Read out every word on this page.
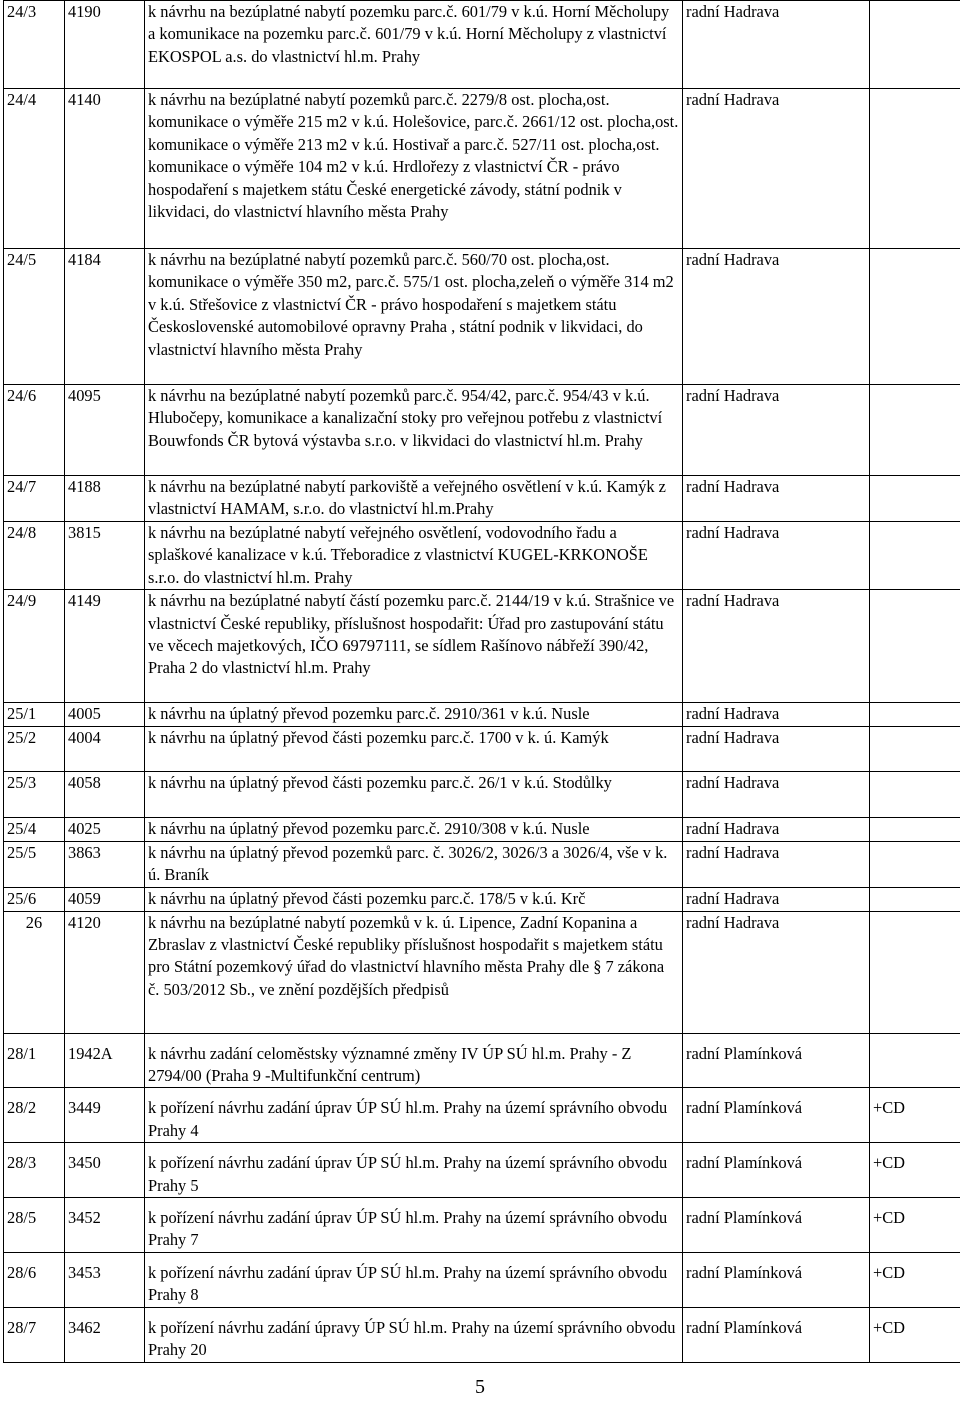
24/3	4190	k návrhu na bezúplatné nabytí pozemku parc.č. 601/79 v k.ú. Horní Měcholupy a komunikace na pozemku parc.č. 601/79 v k.ú. Horní Měcholupy z vlastnictví EKOSPOL a.s. do vlastnictví hl.m. Prahy	radní Hadrava	
24/4	4140	k návrhu na bezúplatné nabytí pozemků parc.č. 2279/8 ost. plocha,ost. komunikace o výměře 215 m2 v k.ú. Holešovice, parc.č. 2661/12 ost. plocha,ost. komunikace o výměře 213 m2 v k.ú. Hostivař a parc.č. 527/11 ost. plocha,ost. komunikace o výměře 104 m2 v k.ú. Hrdlořezy z vlastnictví ČR - právo hospodaření s majetkem státu České energetické závody, státní podnik v likvidaci, do vlastnictví hlavního města Prahy	radní Hadrava	
24/5	4184	k návrhu na bezúplatné nabytí pozemků parc.č. 560/70 ost. plocha,ost. komunikace o výměře 350 m2, parc.č. 575/1 ost. plocha,zeleň o výměře 314 m2 v k.ú. Střešovice z vlastnictví ČR - právo hospodaření s majetkem státu Československé automobilové opravny Praha , státní podnik v likvidaci, do vlastnictví hlavního města Prahy	radní Hadrava	
24/6	4095	k návrhu na bezúplatné nabytí pozemků parc.č. 954/42, parc.č. 954/43 v k.ú. Hlubočepy, komunikace a kanalizační stoky pro veřejnou potřebu z vlastnictví Bouwfonds ČR bytová výstavba s.r.o. v likvidaci do vlastnictví hl.m. Prahy	radní Hadrava	
24/7	4188	k návrhu na bezúplatné nabytí parkoviště a veřejného osvětlení v k.ú. Kamýk z vlastnictví HAMAM, s.r.o. do vlastnictví hl.m.Prahy	radní Hadrava	
24/8	3815	k návrhu na bezúplatné nabytí veřejného osvětlení, vodovodního řadu a splaškové kanalizace v k.ú. Třeboradice z vlastnictví KUGEL-KRKONOŠE s.r.o. do vlastnictví hl.m. Prahy	radní Hadrava	
24/9	4149	k návrhu na bezúplatné nabytí částí pozemku parc.č. 2144/19 v k.ú. Strašnice ve vlastnictví České republiky, příslušnost hospodařit: Úřad pro zastupování státu ve věcech majetkových, IČO 69797111, se sídlem Rašínovo nábřeží 390/42, Praha 2 do vlastnictví hl.m. Prahy	radní Hadrava	
25/1	4005	k návrhu na úplatný převod pozemku parc.č. 2910/361 v k.ú. Nusle	radní Hadrava	
25/2	4004	k návrhu na úplatný převod části pozemku parc.č. 1700 v k. ú. Kamýk	radní Hadrava	
25/3	4058	k návrhu na úplatný převod části pozemku parc.č. 26/1 v k.ú. Stodůlky	radní Hadrava	
25/4	4025	k návrhu na úplatný převod pozemku parc.č. 2910/308 v k.ú. Nusle	radní Hadrava	
25/5	3863	k návrhu na úplatný převod pozemků parc. č. 3026/2, 3026/3 a 3026/4, vše v k. ú. Braník	radní Hadrava	
25/6	4059	k návrhu na úplatný převod části pozemku parc.č. 178/5 v k.ú. Krč	radní Hadrava	
26	4120	k návrhu na bezúplatné nabytí pozemků v k. ú. Lipence, Zadní Kopanina a Zbraslav z vlastnictví České republiky příslušnost hospodařit s majetkem státu pro Státní pozemkový úřad do vlastnictví hlavního města Prahy dle § 7 zákona č. 503/2012 Sb., ve znění pozdějších předpisů	radní Hadrava	
28/1	1942A	k návrhu zadání celoměstsky významné změny IV ÚP SÚ hl.m. Prahy - Z 2794/00 (Praha 9 -Multifunkční centrum)	radní Plamínková	
28/2	3449	k pořízení návrhu zadání úprav ÚP SÚ hl.m. Prahy na území správního obvodu Prahy 4	radní Plamínková	+CD
28/3	3450	k pořízení návrhu zadání úprav ÚP SÚ hl.m. Prahy na území správního obvodu Prahy 5	radní Plamínková	+CD
28/5	3452	k pořízení návrhu zadání úprav ÚP SÚ hl.m. Prahy na území správního obvodu Prahy 7	radní Plamínková	+CD
28/6	3453	k pořízení návrhu zadání úprav ÚP SÚ hl.m. Prahy na území správního obvodu Prahy 8	radní Plamínková	+CD
28/7	3462	k pořízení návrhu zadání úpravy ÚP SÚ hl.m. Prahy na území správního obvodu Prahy 20	radní Plamínková	+CD
5
